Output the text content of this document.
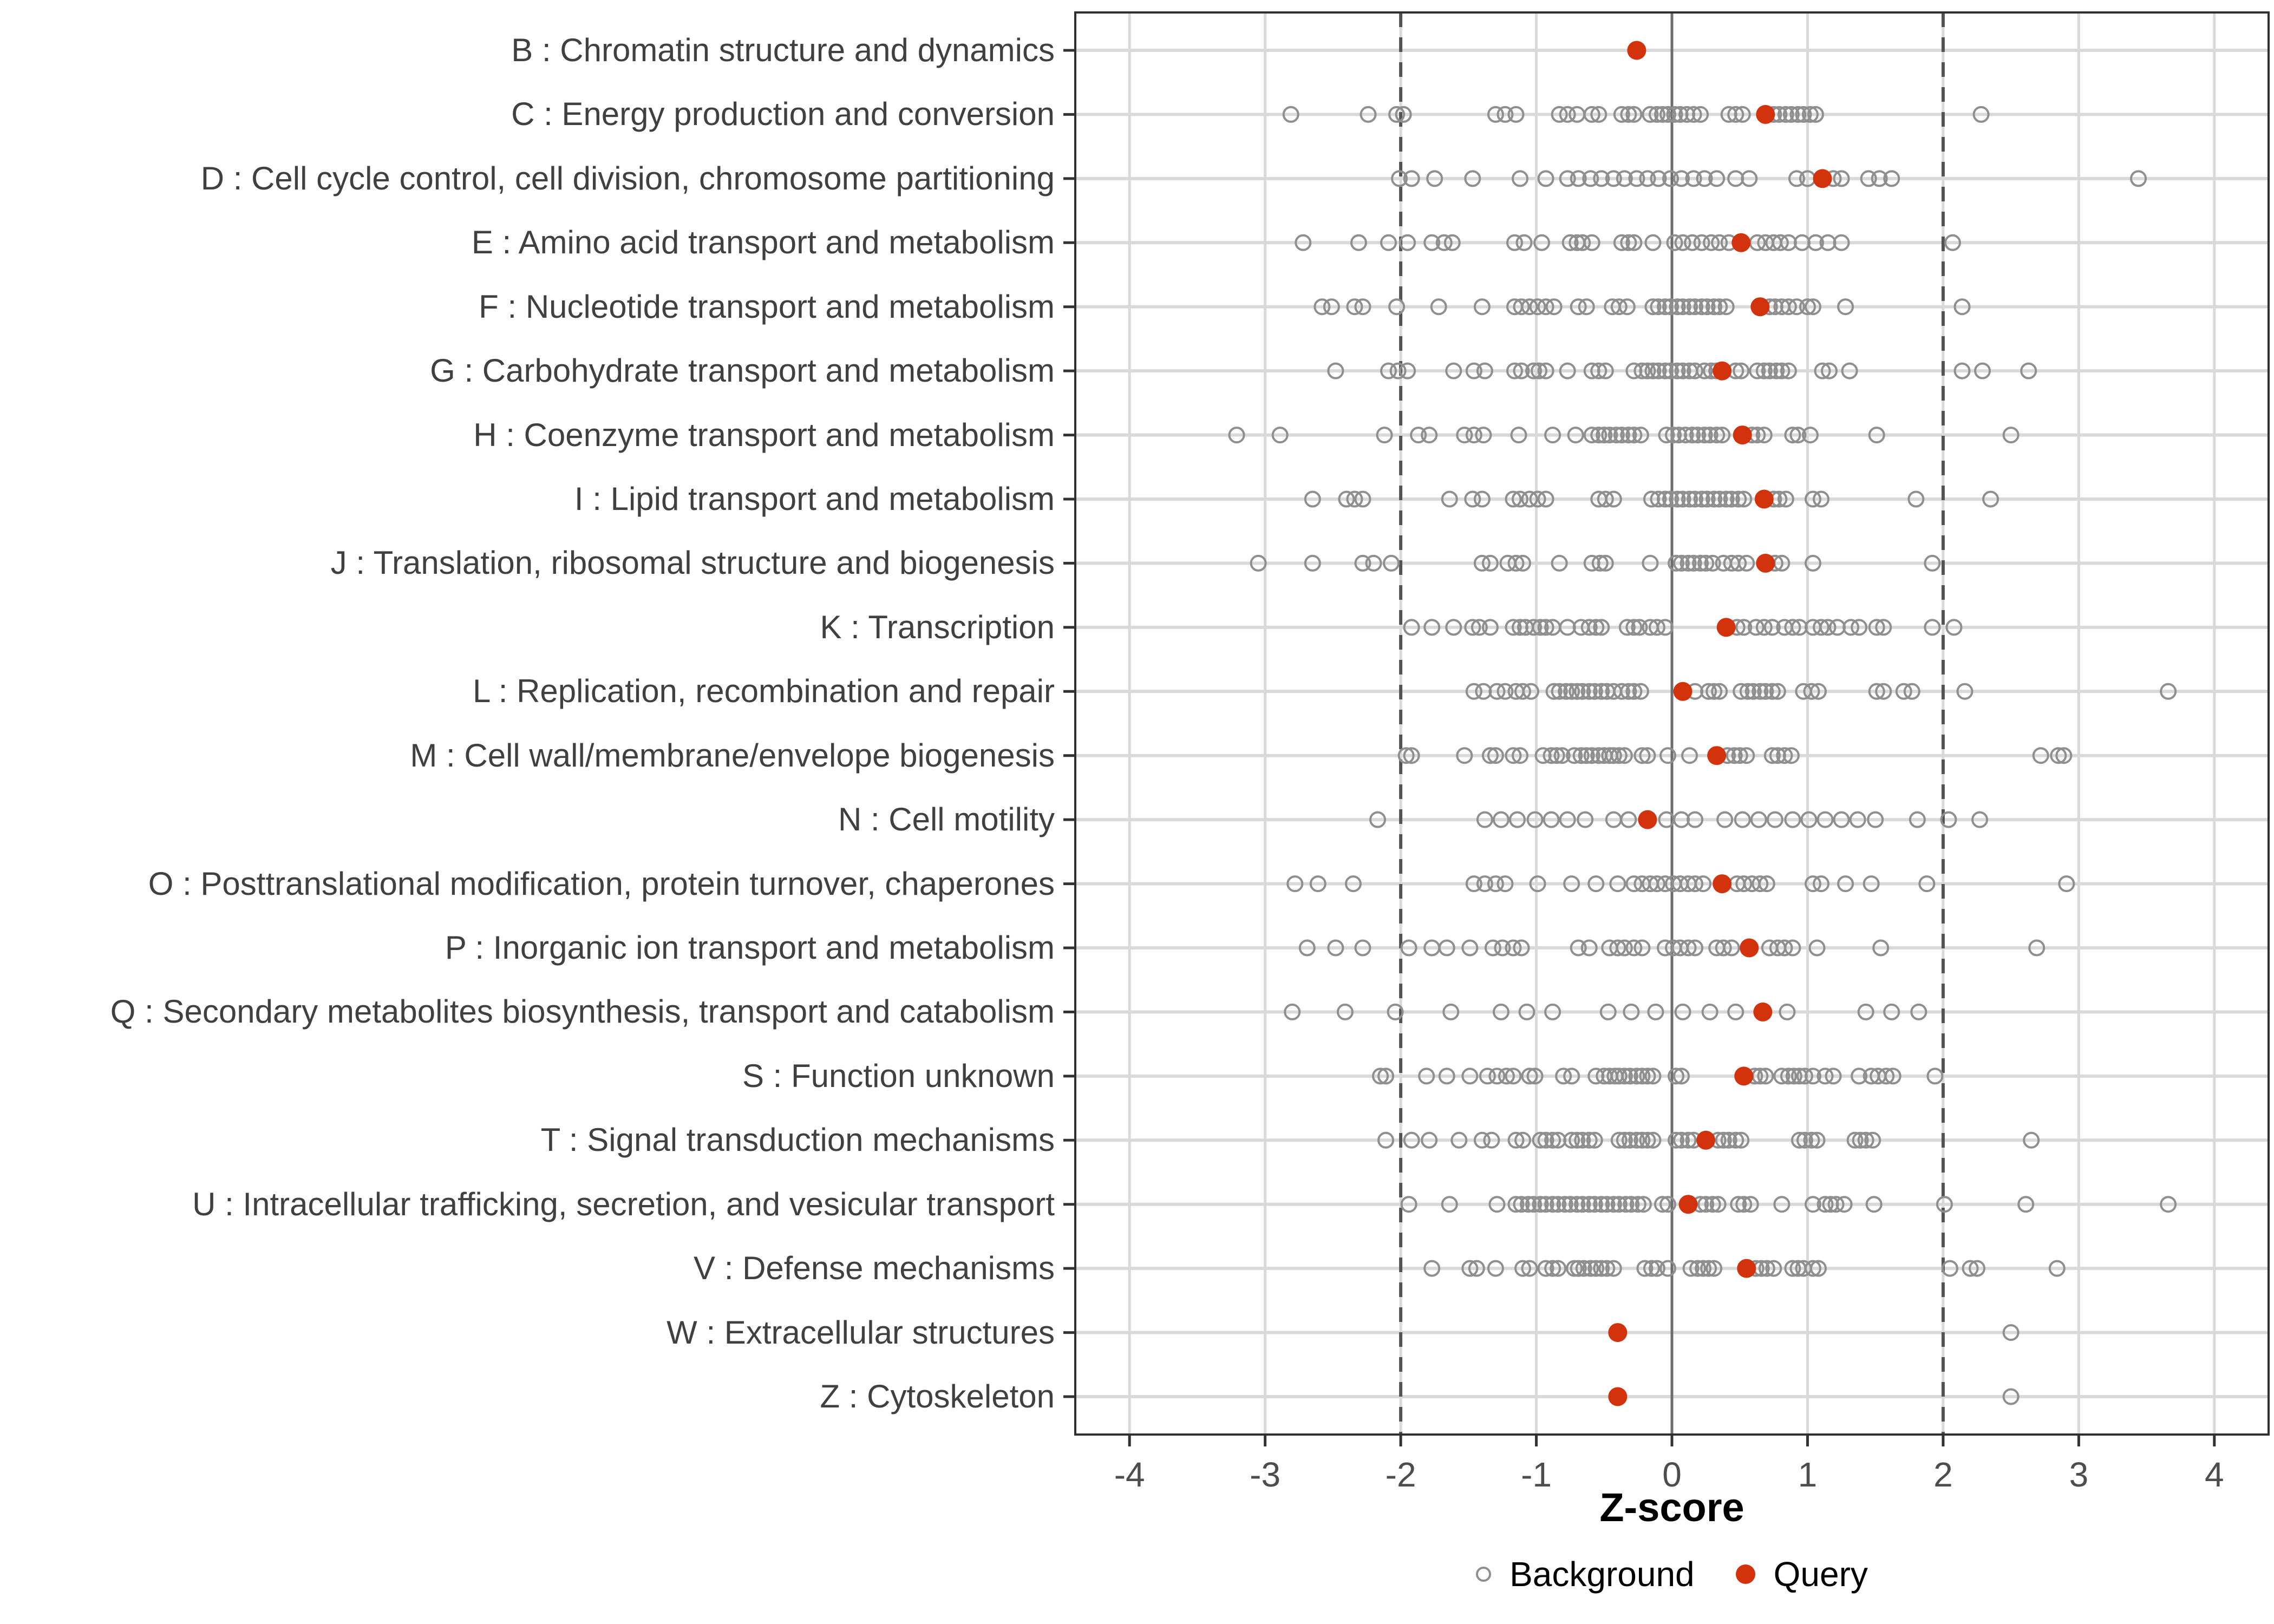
B : Chromatin structure and dynamics
C : Energy production and conversion
D : Cell cycle control, cell division, chromosome partitioning
E : Amino acid transport and metabolism
F : Nucleotide transport and metabolism
G : Carbohydrate transport and metabolism
H : Coenzyme transport and metabolism
I : Lipid transport and metabolism
J : Translation, ribosomal structure and biogenesis
K : Transcription
L : Replication, recombination and repair
M : Cell wall/membrane/envelope biogenesis
N : Cell motility
O : Posttranslational modification, protein turnover, chaperones
P : Inorganic ion transport and metabolism
Q : Secondary metabolites biosynthesis, transport and catabolism
S : Function unknown
T : Signal transduction mechanisms
U : Intracellular trafficking, secretion, and vesicular transport
V : Defense mechanisms
W : Extracellular structures
Z : Cytoskeleton
-4	-3	-2	-1	0	1	2	3	4
Z-score
Background Query
